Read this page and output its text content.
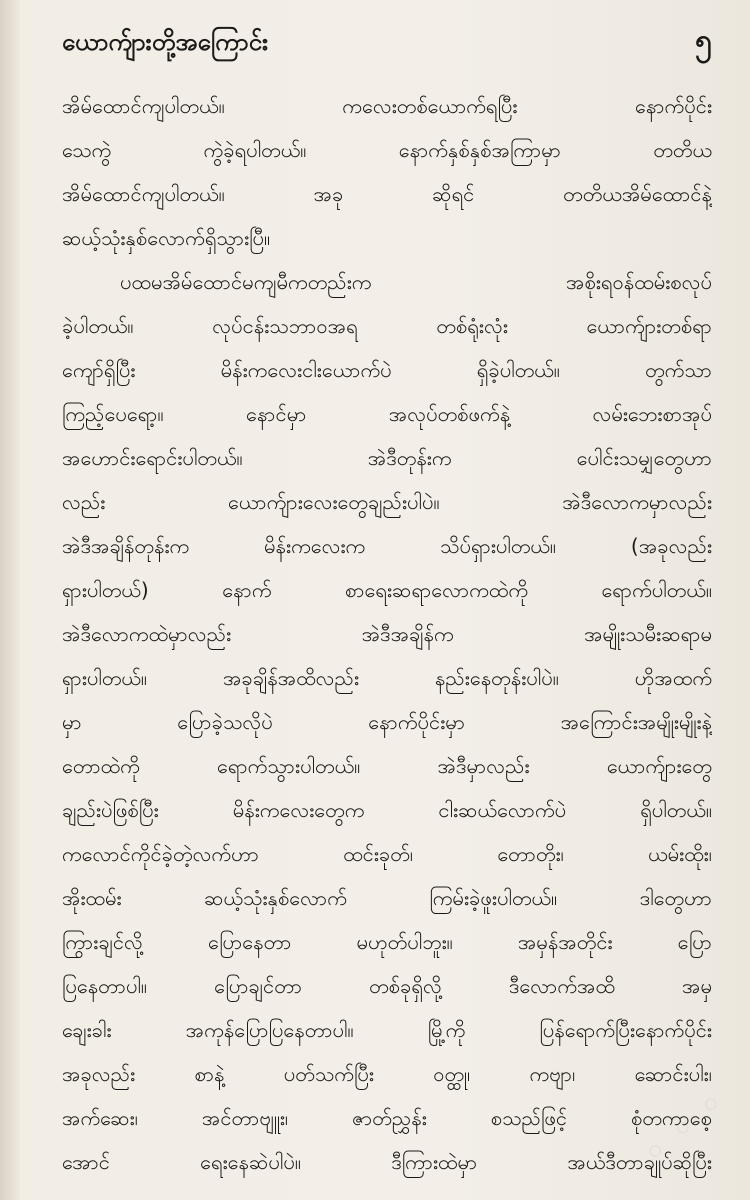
ယောက်ျားတို့အကြောင်း	၅
အိမ်ထောင်ကျပါတယ်။ ကလေးတစ်ယောက်ရပြီး နောက်ပိုင်း
သေကွဲ ကွဲခဲ့ရပါတယ်။ နောက်နှစ်နှစ်အကြာမှာ တတိယ
အိမ်ထောင်ကျပါတယ်။ အခု ဆိုရင် တတိယအိမ်ထောင်နဲ့
ဆယ့်သုံးနှစ်လောက်ရှိသွားပြီ။
ပထမအိမ်ထောင်မကျမီကတည်းက အစိုးရဝန်ထမ်းစလုပ်
ခဲ့ပါတယ်။ လုပ်ငန်းသဘာဝအရ တစ်ရုံးလုံး ယောက်ျားတစ်ရာ
ကျော်ရှိပြီး မိန်းကလေးငါးယောက်ပဲ ရှိခဲ့ပါတယ်။ တွက်သာ
ကြည့်ပေရော့။ နောင်မှာ အလုပ်တစ်ဖက်နဲ့ လမ်းဘေးစာအုပ်
အဟောင်းရောင်းပါတယ်။ အဲဒီတုန်းက ပေါင်းသမျှတွေဟာ
လည်း ယောက်ျားလေးတွေချည်းပါပဲ။ အဲဒီလောကမှာလည်း
အဲဒီအချိန်တုန်းက မိန်းကလေးက သိပ်ရှားပါတယ်။ (အခုလည်း
ရှားပါတယ်) နောက် စာရေးဆရာလောကထဲကို ရောက်ပါတယ်။
အဲဒီလောကထဲမှာလည်း အဲဒီအချိန်က အမျိုးသမီးဆရာမ
ရှားပါတယ်။ အခုချိန်အထိလည်း နည်းနေတုန်းပါပဲ။ ဟိုအထက်
မှာ ပြောခဲ့သလိုပဲ နောက်ပိုင်းမှာ အကြောင်းအမျိုးမျိုးနဲ့
တောထဲကို ရောက်သွားပါတယ်။ အဲဒီမှာလည်း ယောက်ျားတွေ
ချည်းပဲဖြစ်ပြီး မိန်းကလေးတွေက ငါးဆယ်လောက်ပဲ ရှိပါတယ်။
ကလောင်ကိုင်ခဲ့တဲ့လက်ဟာ ထင်းခုတ်၊ တောတိုး၊ ယမ်းထိုး၊
အိုးထမ်း ဆယ့်သုံးနှစ်လောက် ကြမ်းခဲ့ဖူးပါတယ်။ ဒါတွေဟာ
ကြွားချင်လို့ ပြောနေတာ မဟုတ်ပါဘူး။ အမှန်အတိုင်း ပြော
ပြနေတာပါ။ ပြောချင်တာ တစ်ခုရှိလို့ ဒီလောက်အထိ အမှ
ချေးခါး အကုန်ပြောပြနေတာပါ။ မြို့ကို ပြန်ရောက်ပြီးနောက်ပိုင်း
အခုလည်း စာနဲ့ ပတ်သက်ပြီး ဝတ္ထု၊ ကဗျာ၊ ဆောင်းပါး၊
အက်ဆေး၊ အင်တာဗျူး၊ ဇာတ်ညွှန်း စသည်ဖြင့် စုံတကာစေ့
အောင် ရေးနေဆဲပါပဲ။ ဒီကြားထဲမှာ အယ်ဒီတာချုပ်ဆိုပြီး
◦ ◦ ◦
